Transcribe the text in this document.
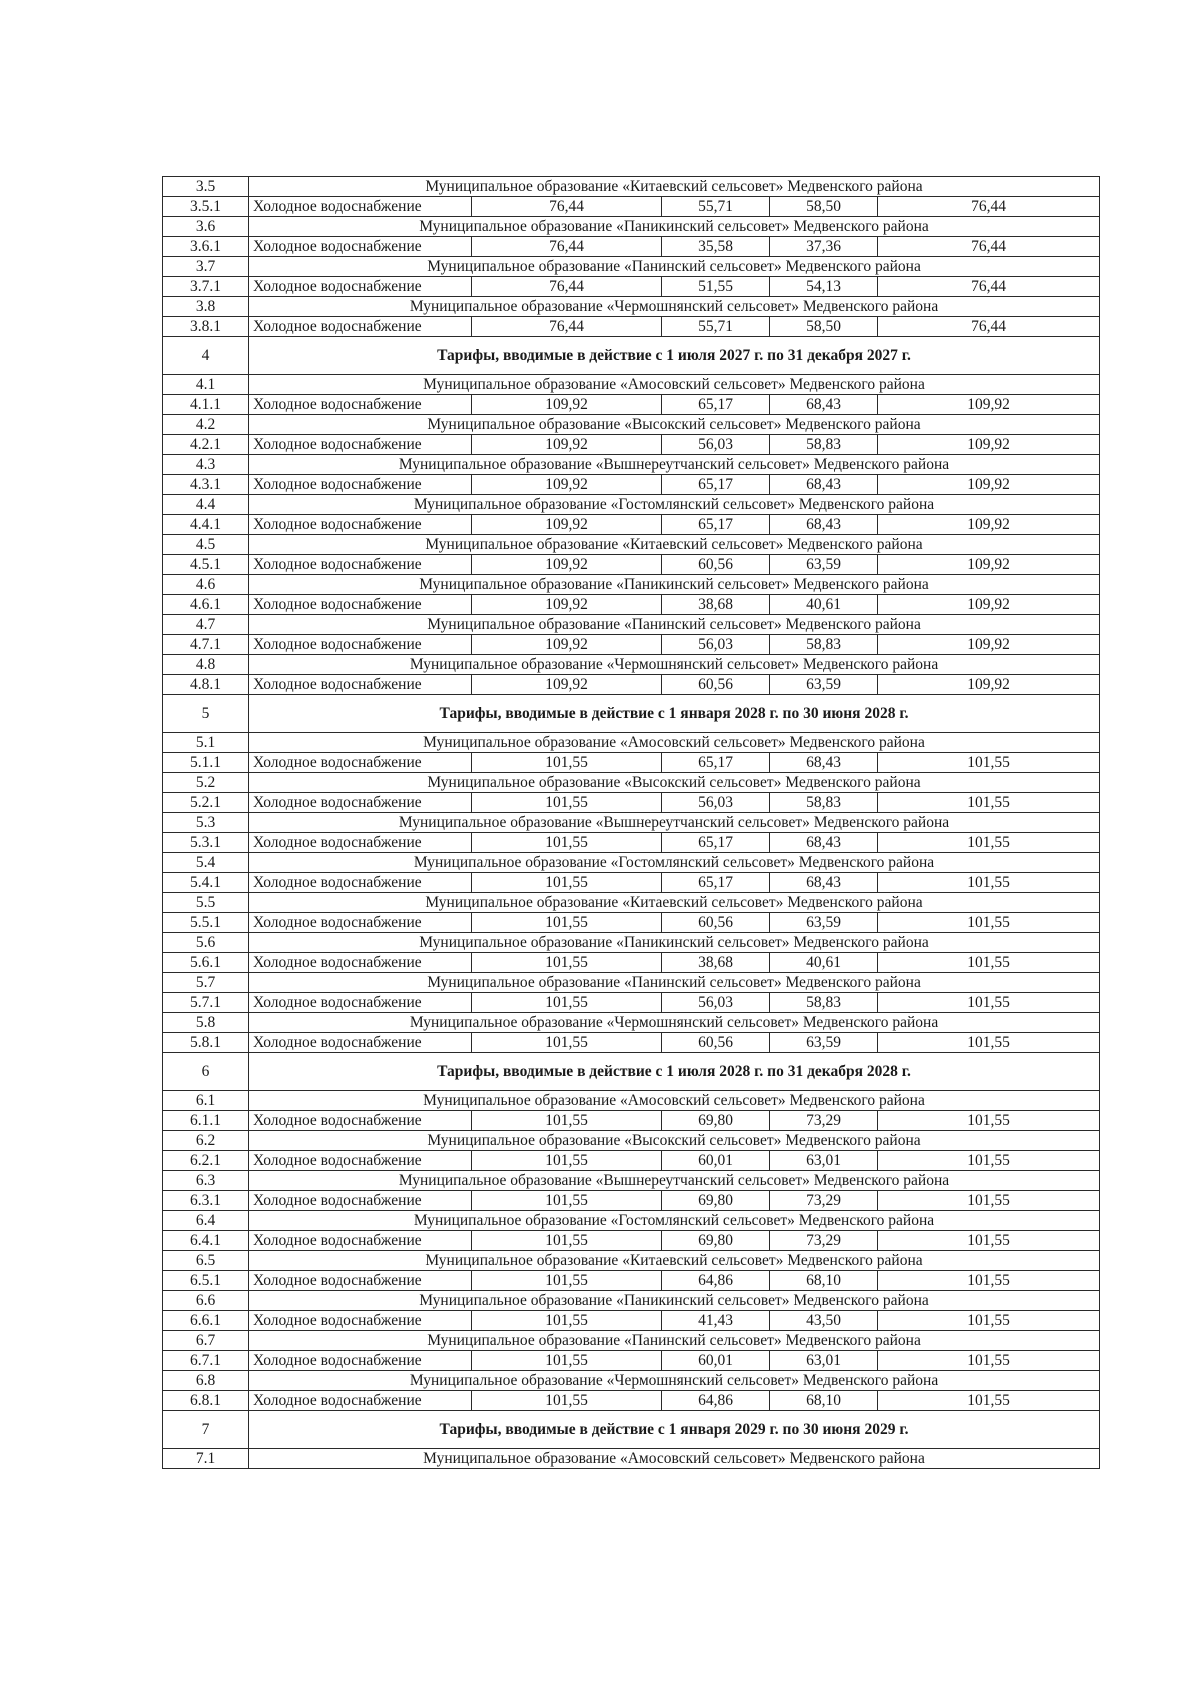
3.5	Муниципальное образование «Китаевский сельсовет» Медвенского района				
3.5.1	Холодное водоснабжение	76,44	55,71	58,50	76,44
3.6	Муниципальное образование «Паникинский сельсовет» Медвенского района				
3.6.1	Холодное водоснабжение	76,44	35,58	37,36	76,44
3.7	Муниципальное образование «Панинский сельсовет» Медвенского района				
3.7.1	Холодное водоснабжение	76,44	51,55	54,13	76,44
3.8	Муниципальное образование «Чермошнянский сельсовет» Медвенского района				
3.8.1	Холодное водоснабжение	76,44	55,71	58,50	76,44
4	Тарифы, вводимые в действие с 1 июля 2027 г. по 31 декабря 2027 г.				
4.1	Муниципальное образование «Амосовский сельсовет» Медвенского района				
4.1.1	Холодное водоснабжение	109,92	65,17	68,43	109,92
4.2	Муниципальное образование «Высокский сельсовет» Медвенского района				
4.2.1	Холодное водоснабжение	109,92	56,03	58,83	109,92
4.3	Муниципальное образование «Вышнереутчанский сельсовет» Медвенского района				
4.3.1	Холодное водоснабжение	109,92	65,17	68,43	109,92
4.4	Муниципальное образование «Гостомлянский сельсовет» Медвенского района				
4.4.1	Холодное водоснабжение	109,92	65,17	68,43	109,92
4.5	Муниципальное образование «Китаевский сельсовет» Медвенского района				
4.5.1	Холодное водоснабжение	109,92	60,56	63,59	109,92
4.6	Муниципальное образование «Паникинский сельсовет» Медвенского района				
4.6.1	Холодное водоснабжение	109,92	38,68	40,61	109,92
4.7	Муниципальное образование «Панинский сельсовет» Медвенского района				
4.7.1	Холодное водоснабжение	109,92	56,03	58,83	109,92
4.8	Муниципальное образование «Чермошнянский сельсовет» Медвенского района				
4.8.1	Холодное водоснабжение	109,92	60,56	63,59	109,92
5	Тарифы, вводимые в действие с 1 января 2028 г. по 30 июня 2028 г.				
5.1	Муниципальное образование «Амосовский сельсовет» Медвенского района				
5.1.1	Холодное водоснабжение	101,55	65,17	68,43	101,55
5.2	Муниципальное образование «Высокский сельсовет» Медвенского района				
5.2.1	Холодное водоснабжение	101,55	56,03	58,83	101,55
5.3	Муниципальное образование «Вышнереутчанский сельсовет» Медвенского района				
5.3.1	Холодное водоснабжение	101,55	65,17	68,43	101,55
5.4	Муниципальное образование «Гостомлянский сельсовет» Медвенского района				
5.4.1	Холодное водоснабжение	101,55	65,17	68,43	101,55
5.5	Муниципальное образование «Китаевский сельсовет» Медвенского района				
5.5.1	Холодное водоснабжение	101,55	60,56	63,59	101,55
5.6	Муниципальное образование «Паникинский сельсовет» Медвенского района				
5.6.1	Холодное водоснабжение	101,55	38,68	40,61	101,55
5.7	Муниципальное образование «Панинский сельсовет» Медвенского района				
5.7.1	Холодное водоснабжение	101,55	56,03	58,83	101,55
5.8	Муниципальное образование «Чермошнянский сельсовет» Медвенского района				
5.8.1	Холодное водоснабжение	101,55	60,56	63,59	101,55
6	Тарифы, вводимые в действие с 1 июля 2028 г. по 31 декабря 2028 г.				
6.1	Муниципальное образование «Амосовский сельсовет» Медвенского района				
6.1.1	Холодное водоснабжение	101,55	69,80	73,29	101,55
6.2	Муниципальное образование «Высокский сельсовет» Медвенского района				
6.2.1	Холодное водоснабжение	101,55	60,01	63,01	101,55
6.3	Муниципальное образование «Вышнереутчанский сельсовет» Медвенского района				
6.3.1	Холодное водоснабжение	101,55	69,80	73,29	101,55
6.4	Муниципальное образование «Гостомлянский сельсовет» Медвенского района				
6.4.1	Холодное водоснабжение	101,55	69,80	73,29	101,55
6.5	Муниципальное образование «Китаевский сельсовет» Медвенского района				
6.5.1	Холодное водоснабжение	101,55	64,86	68,10	101,55
6.6	Муниципальное образование «Паникинский сельсовет» Медвенского района				
6.6.1	Холодное водоснабжение	101,55	41,43	43,50	101,55
6.7	Муниципальное образование «Панинский сельсовет» Медвенского района				
6.7.1	Холодное водоснабжение	101,55	60,01	63,01	101,55
6.8	Муниципальное образование «Чермошнянский сельсовет» Медвенского района				
6.8.1	Холодное водоснабжение	101,55	64,86	68,10	101,55
7	Тарифы, вводимые в действие с 1 января 2029 г. по 30 июня 2029 г.				
7.1	Муниципальное образование «Амосовский сельсовет» Медвенского района				
